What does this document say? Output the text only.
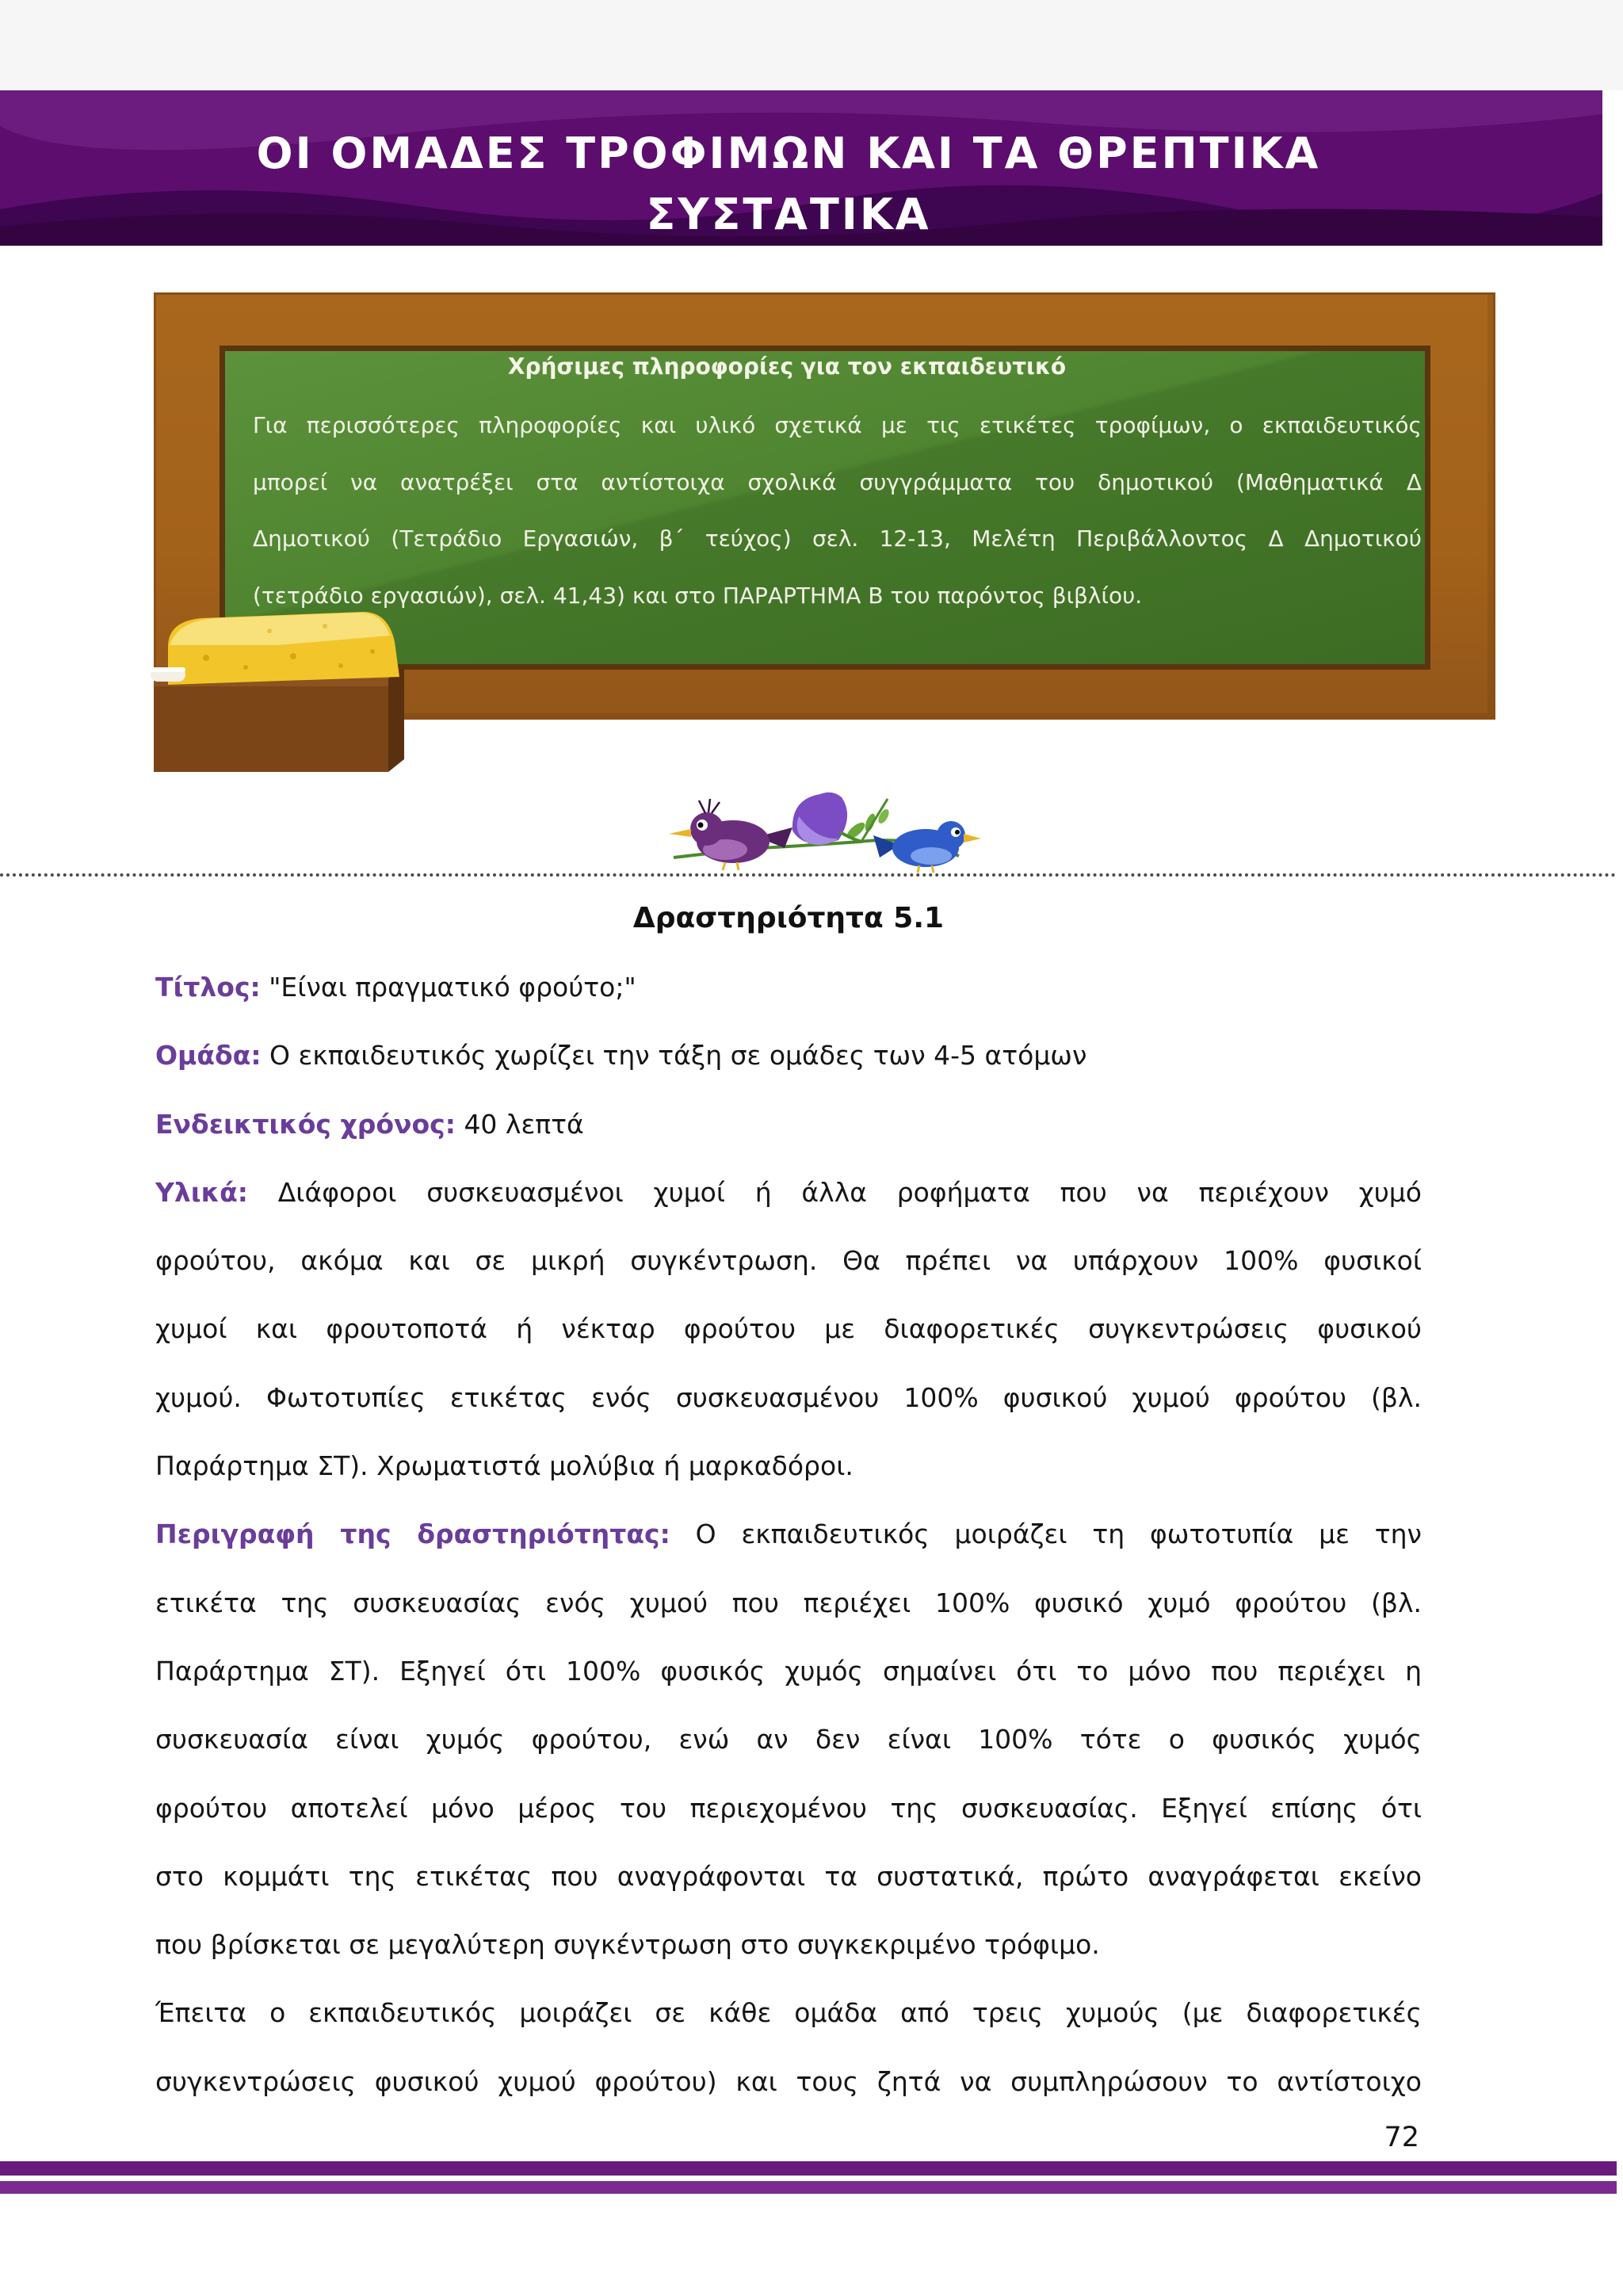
ΟΙ ΟΜΑΔΕΣ ΤΡΟΦΙΜΩΝ ΚΑΙ ΤΑ ΘΡΕΠΤΙΚΑ
ΣΥΣΤΑΤΙΚΑ
Χρήσιμες πληροφορίες για τον εκπαιδευτικό
Για περισσότερες πληροφορίες και υλικό σχετικά με τις ετικέτες τροφίμων, ο εκπαιδευτικός
μπορεί να ανατρέξει στα αντίστοιχα σχολικά συγγράμματα του δημοτικού (Μαθηματικά Δ
Δημοτικού (Τετράδιο Εργασιών, β΄ τεύχος) σελ. 12-13, Μελέτη Περιβάλλοντος Δ Δημοτικού
(τετράδιο εργασιών), σελ. 41,43) και στο ΠΑΡΑΡΤΗΜΑ Β του παρόντος βιβλίου.
Δραστηριότητα 5.1
Τίτλος: "Είναι πραγματικό φρούτο;"
Ομάδα: Ο εκπαιδευτικός χωρίζει την τάξη σε ομάδες των 4-5 ατόμων
Ενδεικτικός χρόνος: 40 λεπτά
Υλικά: Διάφοροι συσκευασμένοι χυμοί ή άλλα ροφήματα που να περιέχουν χυμό
φρούτου, ακόμα και σε μικρή συγκέντρωση. Θα πρέπει να υπάρχουν 100% φυσικοί
χυμοί και φρουτοποτά ή νέκταρ φρούτου με διαφορετικές συγκεντρώσεις φυσικού
χυμού. Φωτοτυπίες ετικέτας ενός συσκευασμένου 100% φυσικού χυμού φρούτου (βλ.
Παράρτημα ΣΤ). Χρωματιστά μολύβια ή μαρκαδόροι.
Περιγραφή της δραστηριότητας: Ο εκπαιδευτικός μοιράζει τη φωτοτυπία με την
ετικέτα της συσκευασίας ενός χυμού που περιέχει 100% φυσικό χυμό φρούτου (βλ.
Παράρτημα ΣΤ). Εξηγεί ότι 100% φυσικός χυμός σημαίνει ότι το μόνο που περιέχει η
συσκευασία είναι χυμός φρούτου, ενώ αν δεν είναι 100% τότε ο φυσικός χυμός
φρούτου αποτελεί μόνο μέρος του περιεχομένου της συσκευασίας. Εξηγεί επίσης ότι
στο κομμάτι της ετικέτας που αναγράφονται τα συστατικά, πρώτο αναγράφεται εκείνο
που βρίσκεται σε μεγαλύτερη συγκέντρωση στο συγκεκριμένο τρόφιμο.
Έπειτα ο εκπαιδευτικός μοιράζει σε κάθε ομάδα από τρεις χυμούς (με διαφορετικές
συγκεντρώσεις φυσικού χυμού φρούτου) και τους ζητά να συμπληρώσουν το αντίστοιχο
72
